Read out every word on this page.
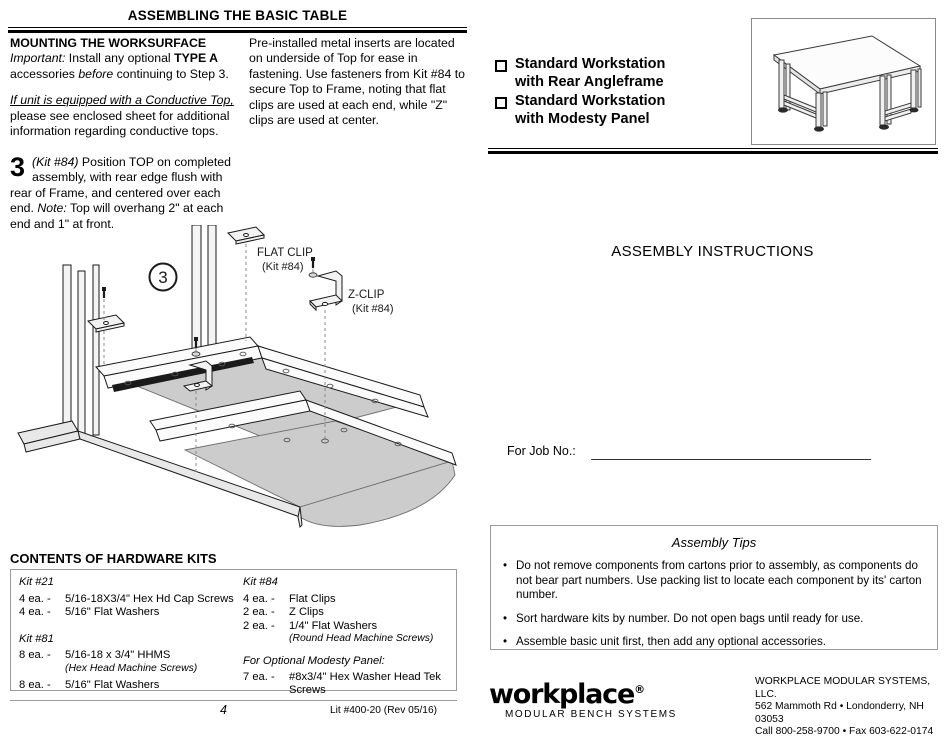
ASSEMBLING THE BASIC TABLE

MOUNTING THE WORKSURFACE
Important: Install any optional TYPE A accessories before continuing to Step 3.

If unit is equipped with a Conductive Top, please see enclosed sheet for additional information regarding conductive tops.

Pre-installed metal inserts are located on underside of Top for ease in fastening. Use fasteners from Kit #84 to secure Top to Frame, noting that flat clips are used at each end, while "Z" clips are used at center.

3 (Kit #84) Position TOP on completed assembly, with rear edge flush with rear of Frame, and centered over each end. Note: Top will overhang 2" at each end and 1" at front.
3
FLAT CLIP
(Kit #84)
Z-CLIP
(Kit #84)
CONTENTS OF HARDWARE KITS
Kit #21
4 ea. -	5/16-18X3/4" Hex Hd Cap Screws
4 ea. -	5/16" Flat Washers
Kit #81
8 ea. -	5/16-18 x 3/4" HHMS
(Hex Head Machine Screws)
8 ea. -	5/16" Flat Washers
Kit #84
4 ea. -	Flat Clips
2 ea. -	Z Clips
2 ea. -	1/4" Flat Washers
(Round Head Machine Screws)
For Optional Modesty Panel:
7 ea. -	#8x3/4" Hex Washer Head Tek Screws
4	Lit #400-20 (Rev 05/16)
Standard Workstation
with Rear Angleframe
Standard Workstation
with Modesty Panel
ASSEMBLY INSTRUCTIONS
For Job No.:
Assembly Tips
• Do not remove components from cartons prior to assembly, as components do not bear part numbers. Use packing list to locate each component by its' carton number.
• Sort hardware kits by number. Do not open bags until ready for use.
• Assemble basic unit first, then add any optional accessories.
workplace®
MODULAR BENCH SYSTEMS
WORKPLACE MODULAR SYSTEMS, LLC.
562 Mammoth Rd • Londonderry, NH 03053
Call 800-258-9700 • Fax 603-622-0174
